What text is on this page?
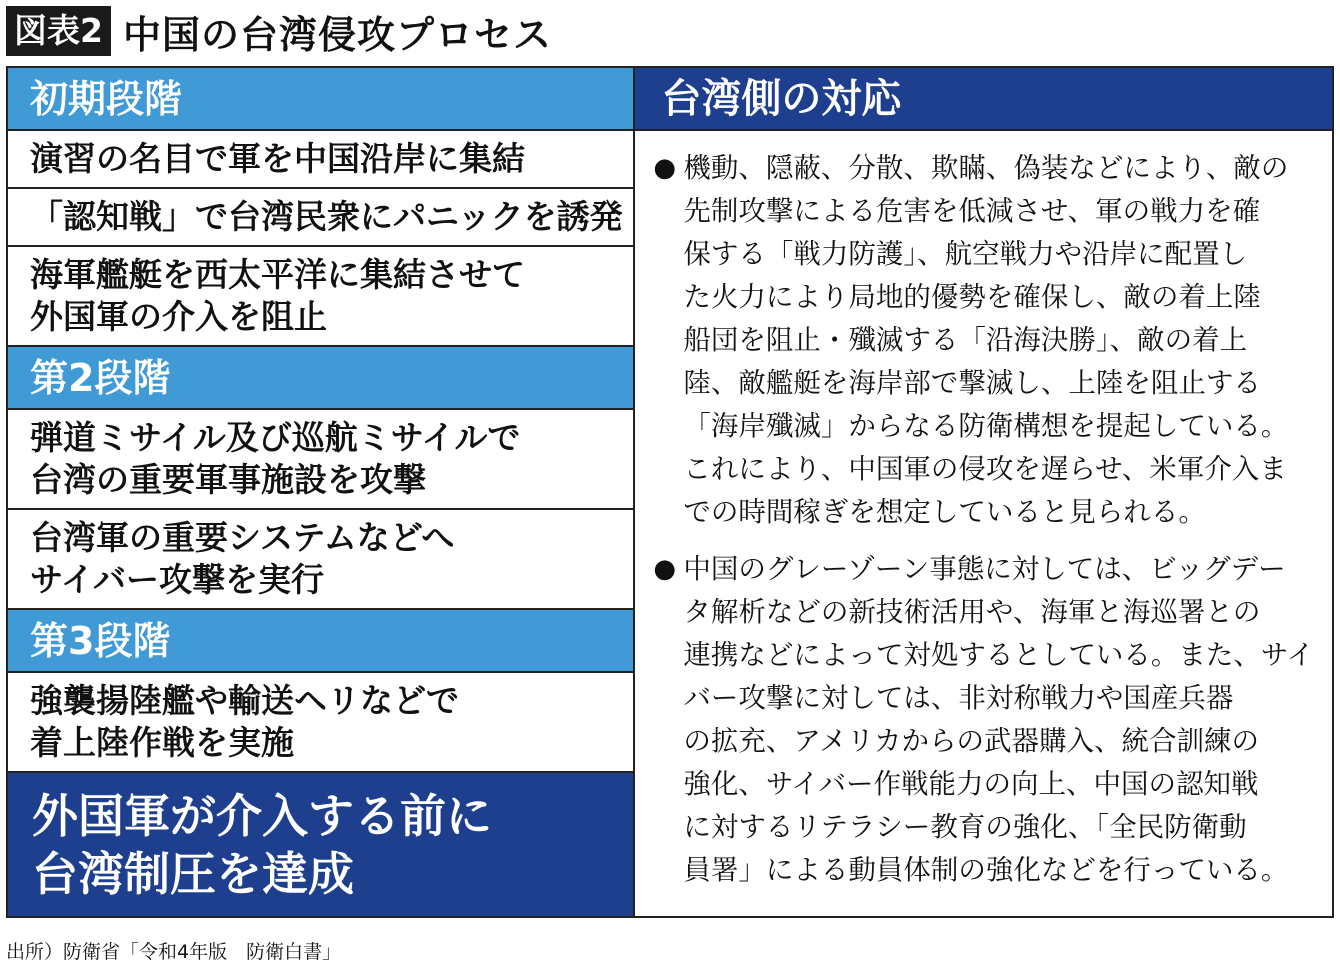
図表2 中国の台湾侵攻プロセス
初期段階
演習の名目で軍を中国沿岸に集結
「認知戦」で台湾民衆にパニックを誘発
海軍艦艇を西太平洋に集結させて
外国軍の介入を阻止
第2段階
弾道ミサイル及び巡航ミサイルで
台湾の重要軍事施設を攻撃
台湾軍の重要システムなどへ
サイバー攻撃を実行
第3段階
強襲揚陸艦や輸送ヘリなどで
着上陸作戦を実施
外国軍が介入する前に
台湾制圧を達成
台湾側の対応
● 機動、隠蔽、分散、欺瞞、偽装などにより、敵の
先制攻撃による危害を低減させ、軍の戦力を確
保する「戦力防護」、航空戦力や沿岸に配置し
た火力により局地的優勢を確保し、敵の着上陸
船団を阻止・殲滅する「沿海決勝」、敵の着上
陸、敵艦艇を海岸部で撃滅し、上陸を阻止する
「海岸殲滅」からなる防衛構想を提起している。
これにより、中国軍の侵攻を遅らせ、米軍介入ま
での時間稼ぎを想定していると見られる。
● 中国のグレーゾーン事態に対しては、ビッグデー
タ解析などの新技術活用や、海軍と海巡署との
連携などによって対処するとしている。また、サイ
バー攻撃に対しては、非対称戦力や国産兵器
の拡充、アメリカからの武器購入、統合訓練の
強化、サイバー作戦能力の向上、中国の認知戦
に対するリテラシー教育の強化、「全民防衛動
員署」による動員体制の強化などを行っている。
出所）防衛省「令和4年版　防衛白書」
